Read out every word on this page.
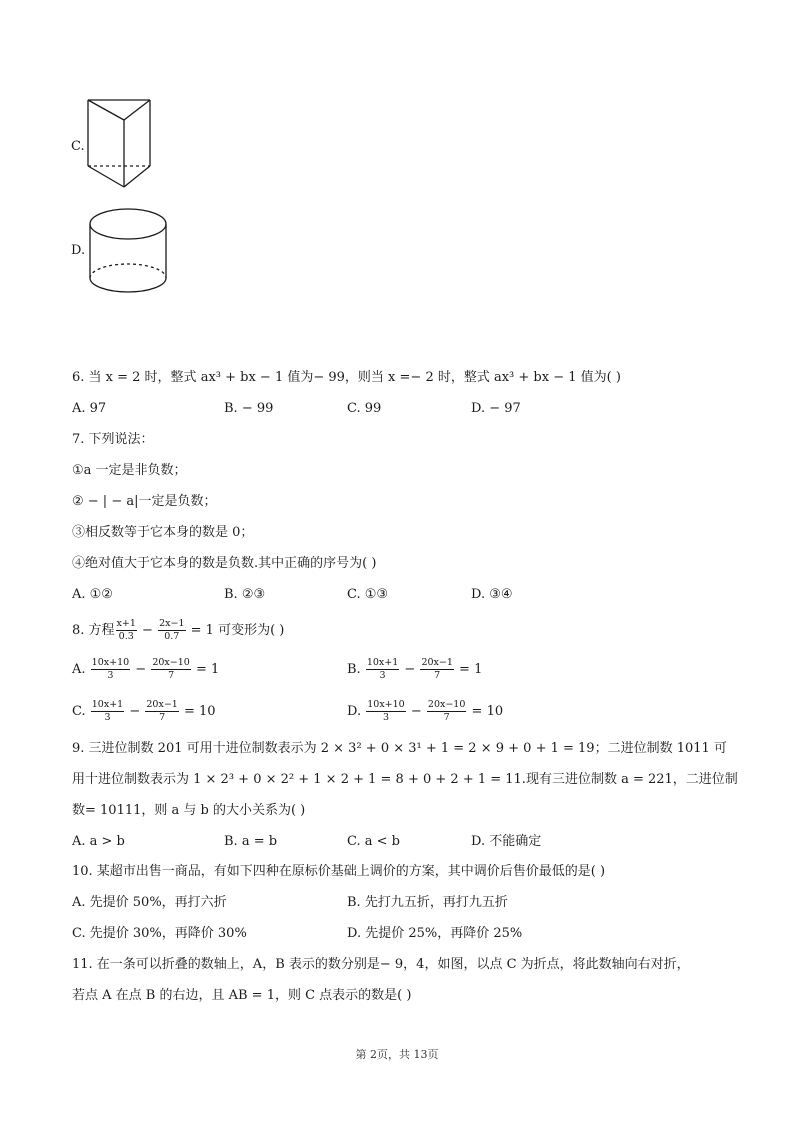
C.
D.
6. 当 x = 2 时，整式 ax³ + bx − 1 值为− 99，则当 x =− 2 时，整式 ax³ + bx − 1 值为( )
A. 97	B. − 99	C. 99	D. − 97
7. 下列说法：
①a 一定是非负数；
② − | − a|一定是负数；
③相反数等于它本身的数是 0；
④绝对值大于它本身的数是负数.其中正确的序号为( )
A. ①②	B. ②③	C. ①③	D. ③④
8. 方程 $\frac{x+1}{0.3} - \frac{2x-1}{0.7} = 1$ 可变形为( )
A. $\frac{10x+10}{3} - \frac{20x-10}{7} = 1$	B. $\frac{10x+1}{3} - \frac{20x-1}{7} = 1$
C. $\frac{10x+1}{3} - \frac{20x-1}{7} = 10$	D. $\frac{10x+10}{3} - \frac{20x-10}{7} = 10$
9. 三进位制数 201 可用十进位制数表示为 2 × 3² + 0 × 3¹ + 1 = 2 × 9 + 0 + 1 = 19；二进位制数 1011 可
用十进位制数表示为 1 × 2³ + 0 × 2² + 1 × 2 + 1 = 8 + 0 + 2 + 1 = 11.现有三进位制数 a = 221，二进位制
数= 10111，则 a 与 b 的大小关系为( )
A. a > b	B. a = b	C. a < b	D. 不能确定
10. 某超市出售一商品，有如下四种在原标价基础上调价的方案，其中调价后售价最低的是( )
A. 先提价 50%，再打六折	B. 先打九五折，再打九五折
C. 先提价 30%，再降价 30%	D. 先提价 25%，再降价 25%
11. 在一条可以折叠的数轴上，A，B 表示的数分别是− 9，4，如图，以点 C 为折点，将此数轴向右对折，
若点 A 在点 B 的右边，且 AB = 1，则 C 点表示的数是( )
第 2页，共 13页
